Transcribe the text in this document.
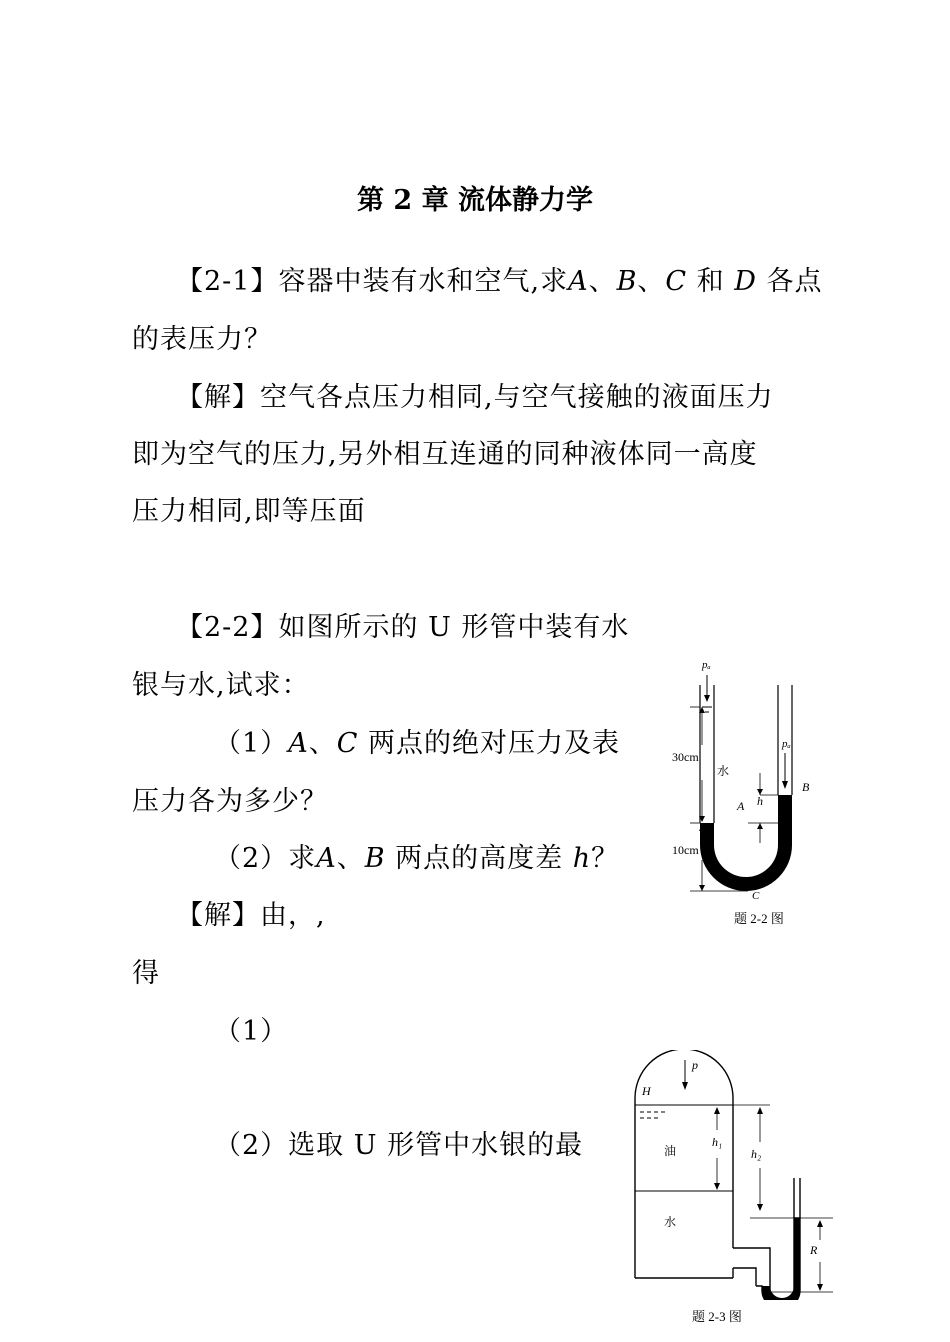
第 2 章 流体静力学
【2-1】容器中装有水和空气,求A、B、C 和 D 各点
的表压力？
【解】空气各点压力相同,与空气接触的液面压力
即为空气的压力,另外相互连通的同种液体同一高度
压力相同,即等压面
【2-2】如图所示的 U 形管中装有水
银与水,试求：
（1）A、C 两点的绝对压力及表
压力各为多少？
（2）求A、B 两点的高度差 h？
【解】由，,
得
（1）
（2）选取 U 形管中水银的最
pₐ
pₐ
30cm
10cm
水
A h
B
C
题 2-2 图
p
H
油
水
h₁
h₂
R
题 2-3 图
